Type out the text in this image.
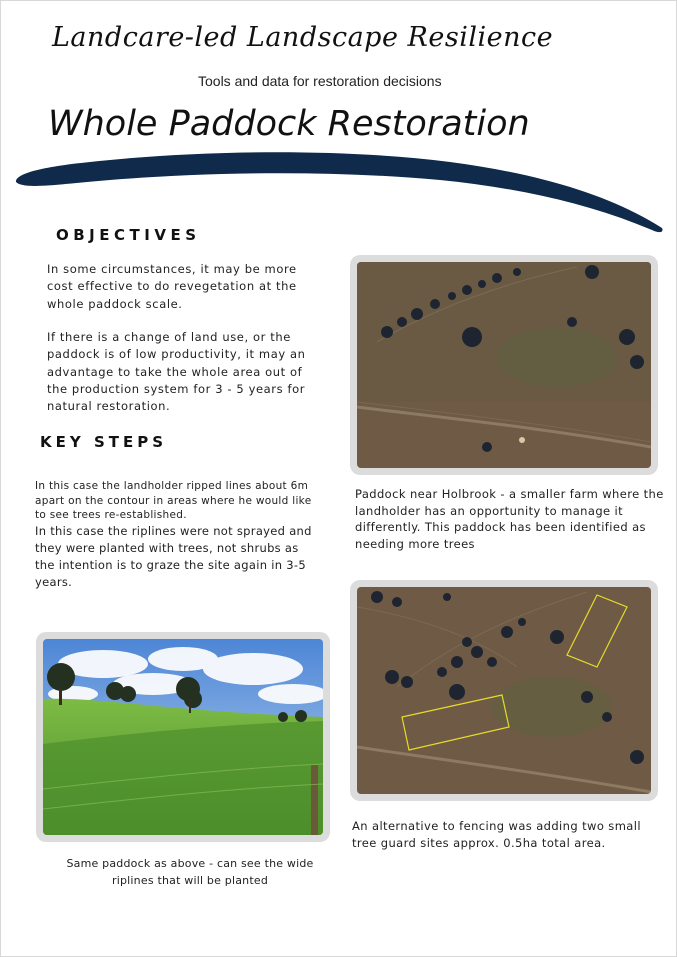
Landcare-led Landscape Resilience
Tools and data for restoration decisions
Whole Paddock Restoration
OBJECTIVES
In some circumstances, it may be more cost effective to do revegetation at the whole paddock scale.
If there is a change of land use, or the paddock is of low productivity, it may an advantage to take the whole area out of the production system for 3 - 5 years for natural restoration.
KEY STEPS
In this case the landholder ripped lines about 6m apart on the contour in areas where he would like to see trees re-established.
In this case the riplines were not sprayed and they were planted with trees, not shrubs as the intention is to graze the site again in 3-5 years.
Paddock near Holbrook - a smaller farm where the landholder has an opportunity to manage it differently. This paddock has been identified as needing more trees
An alternative to fencing was adding two small tree guard sites approx. 0.5ha total area.
Same paddock as above - can see the wide riplines that will be planted
